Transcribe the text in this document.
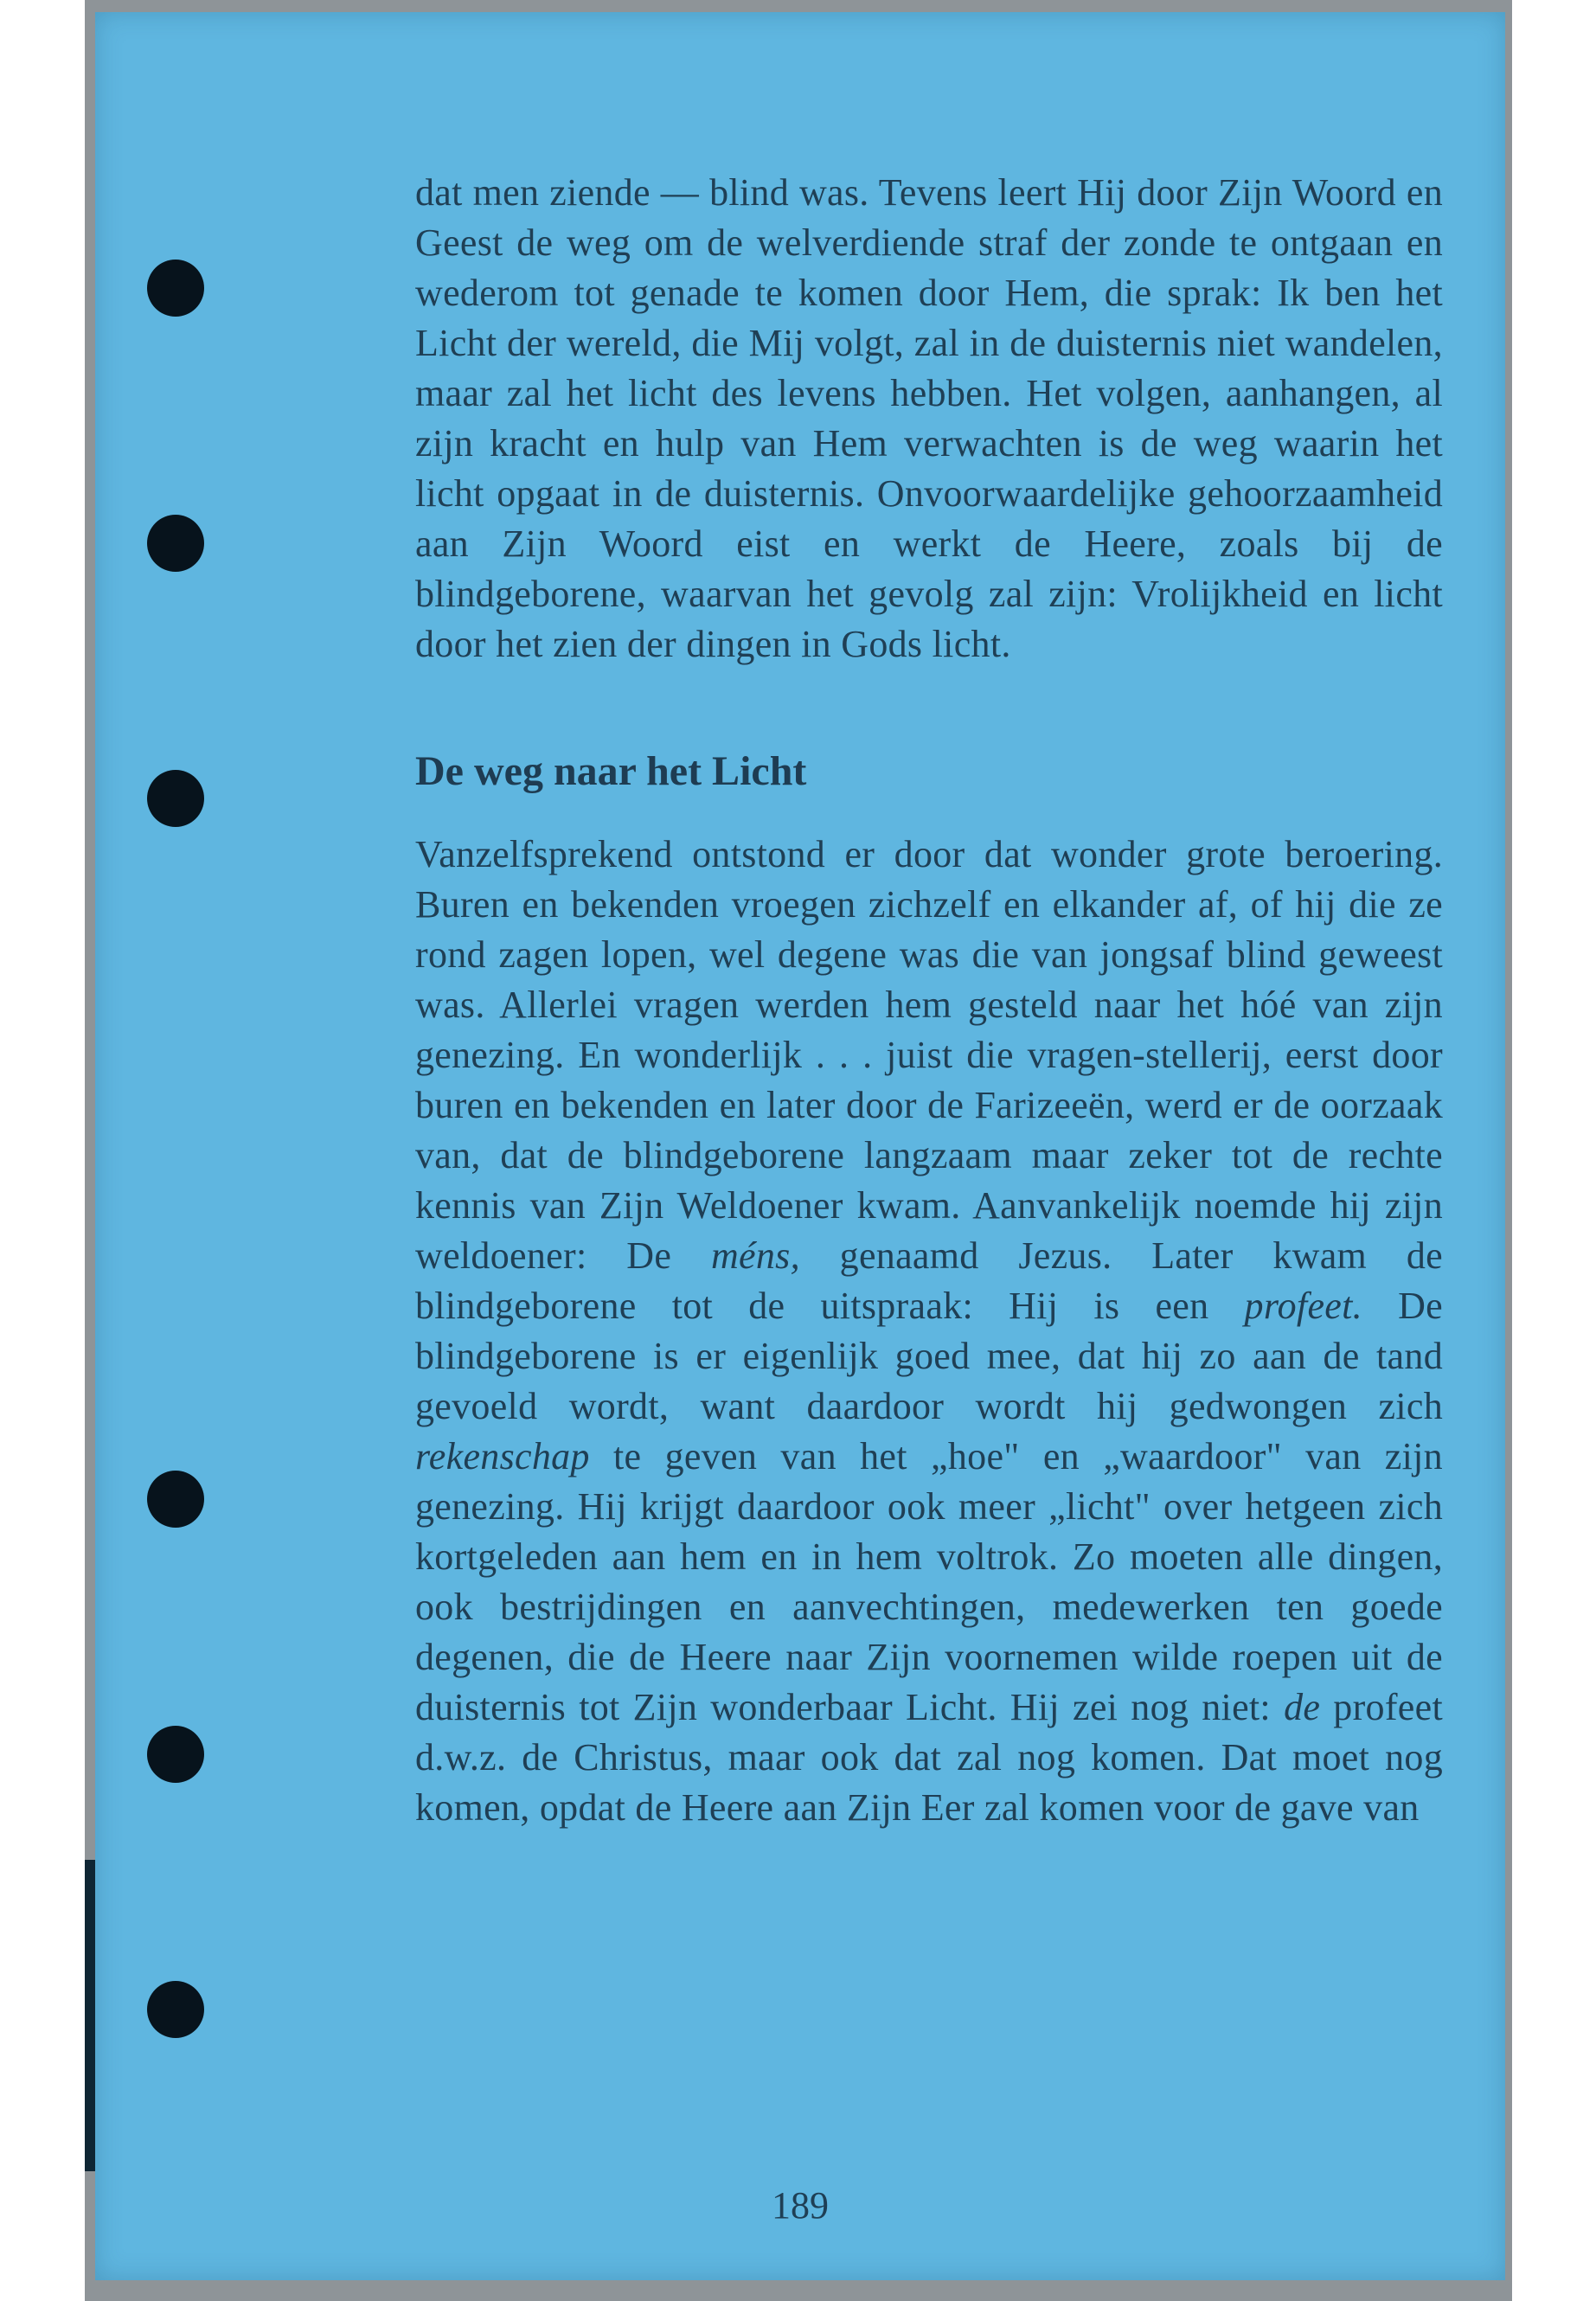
dat men ziende — blind was. Tevens leert Hij door Zijn Woord en Geest de weg om de welverdiende straf der zonde te ontgaan en wederom tot genade te komen door Hem, die sprak: Ik ben het Licht der wereld, die Mij volgt, zal in de duisternis niet wandelen, maar zal het licht des levens hebben. Het volgen, aanhangen, al zijn kracht en hulp van Hem verwachten is de weg waarin het licht opgaat in de duisternis. Onvoorwaardelijke gehoorzaamheid aan Zijn Woord eist en werkt de Heere, zoals bij de blindgeborene, waarvan het gevolg zal zijn: Vrolijkheid en licht door het zien der dingen in Gods licht.

De weg naar het Licht

Vanzelfsprekend ontstond er door dat wonder grote beroering. Buren en bekenden vroegen zichzelf en elkander af, of hij die ze rond zagen lopen, wel degene was die van jongsaf blind geweest was. Allerlei vragen werden hem gesteld naar het hóé van zijn genezing. En wonderlijk . . . juist die vragen-stellerij, eerst door buren en bekenden en later door de Farizeeën, werd er de oorzaak van, dat de blindgeborene langzaam maar zeker tot de rechte kennis van Zijn Weldoener kwam. Aanvankelijk noemde hij zijn weldoener: De méns, genaamd Jezus. Later kwam de blindgeborene tot de uitspraak: Hij is een profeet. De blindgeborene is er eigenlijk goed mee, dat hij zo aan de tand gevoeld wordt, want daardoor wordt hij gedwongen zich rekenschap te geven van het „hoe" en „waardoor" van zijn genezing. Hij krijgt daardoor ook meer „licht" over hetgeen zich kortgeleden aan hem en in hem voltrok. Zo moeten alle dingen, ook bestrijdingen en aanvechtingen, medewerken ten goede degenen, die de Heere naar Zijn voornemen wilde roepen uit de duisternis tot Zijn wonderbaar Licht. Hij zei nog niet: de profeet d.w.z. de Christus, maar ook dat zal nog komen. Dat moet nog komen, opdat de Heere aan Zijn Eer zal komen voor de gave van

189
